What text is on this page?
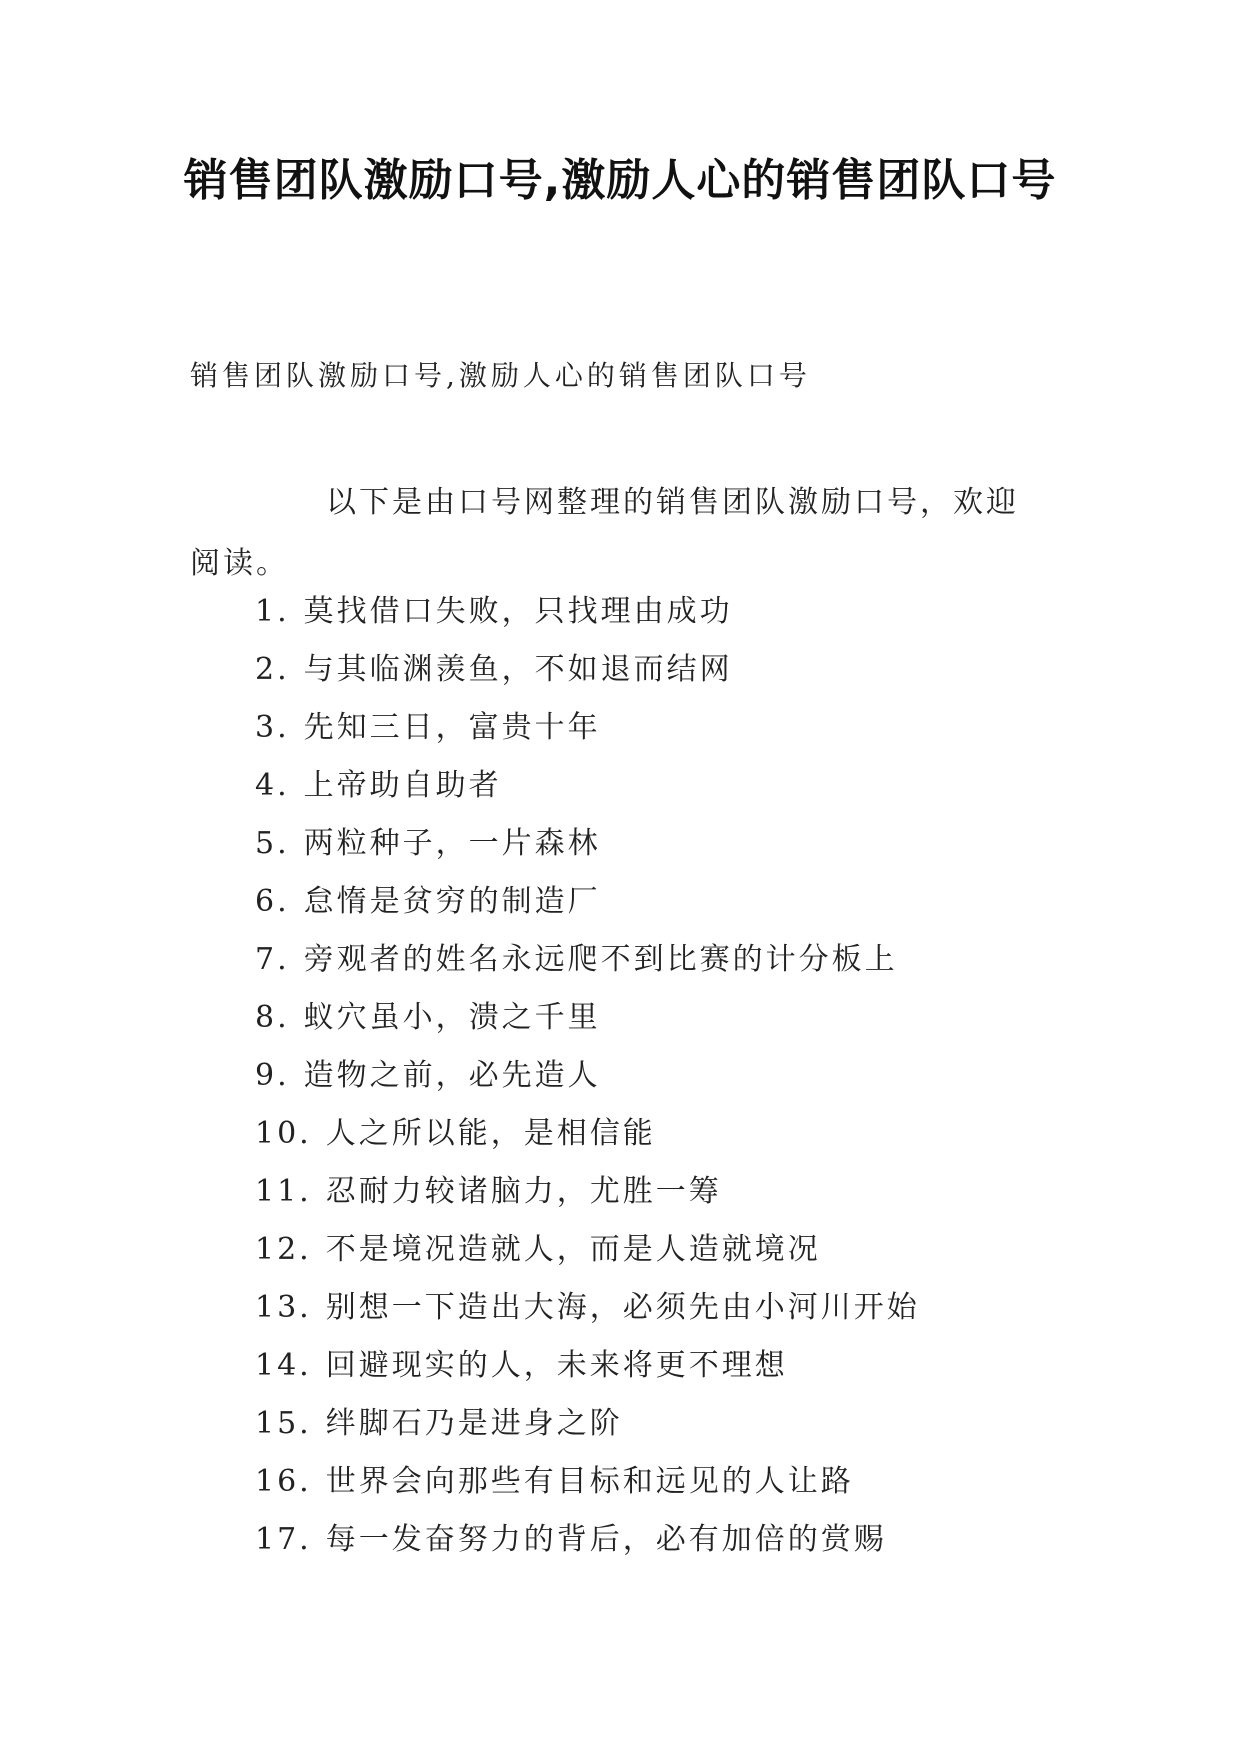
销售团队激励口号,激励人心的销售团队口号

销售团队激励口号,激励人心的销售团队口号

以下是由口号网整理的销售团队激励口号，欢迎阅读。

1. 莫找借口失败，只找理由成功
2. 与其临渊羡鱼，不如退而结网
3. 先知三日，富贵十年
4. 上帝助自助者
5. 两粒种子，一片森林
6. 怠惰是贫穷的制造厂
7. 旁观者的姓名永远爬不到比赛的计分板上
8. 蚁穴虽小，溃之千里
9. 造物之前，必先造人
10. 人之所以能，是相信能
11. 忍耐力较诸脑力，尤胜一筹
12. 不是境况造就人，而是人造就境况
13. 别想一下造出大海，必须先由小河川开始
14. 回避现实的人，未来将更不理想
15. 绊脚石乃是进身之阶
16. 世界会向那些有目标和远见的人让路
17. 每一发奋努力的背后，必有加倍的赏赐
